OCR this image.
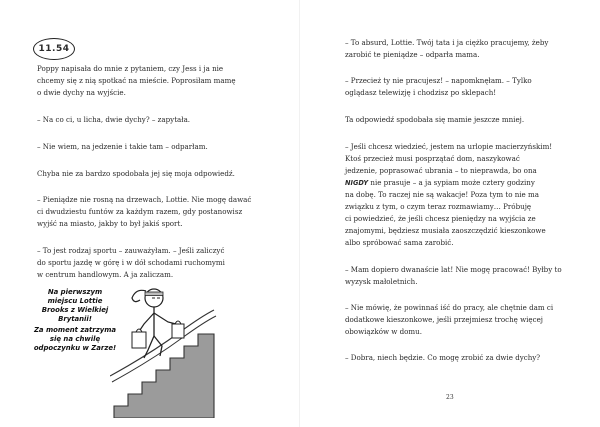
11.54
Poppy napisała do mnie z pytaniem, czy Jess i ja nie
chcemy się z nią spotkać na mieście. Poprosiłam mamę
o dwie dychy na wyjście.
– Na co ci, u licha, dwie dychy? – zapytała.
– Nie wiem, na jedzenie i takie tam – odparłam.
Chyba nie za bardzo spodobała jej się moja odpowiedź.
– Pieniądze nie rosną na drzewach, Lottie. Nie mogę dawać
ci dwudziestu funtów za każdym razem, gdy postanowisz
wyjść na miasto, jakby to był jakiś sport.
– To jest rodzaj sportu – zauważyłam. – Jeśli zaliczyć
do sportu jazdę w górę i w dół schodami ruchomymi
w centrum handlowym. A ja zaliczam.
Na pierwszym
miejscu Lottie
Brooks z Wielkiej
Brytanii!
Za moment zatrzyma
się na chwilę
odpoczynku w Zarze!
– To absurd, Lottie. Twój tata i ja ciężko pracujemy, żeby
zarobić te pieniądze – odparła mama.
– Przecież ty nie pracujesz! – napomknęłam. – Tylko
oglądasz telewizję i chodzisz po sklepach!
Ta odpowiedź spodobała się mamie jeszcze mniej.
– Jeśli chcesz wiedzieć, jestem na urlopie macierzyńskim!
Ktoś przecież musi posprzątać dom, naszykować
jedzenie, poprasować ubrania – to nieprawda, bo ona
NIGDY nie prasuje – a ja sypiam może cztery godziny
na dobę. To raczej nie są wakacje! Poza tym to nie ma
związku z tym, o czym teraz rozmawiamy… Próbuję
ci powiedzieć, że jeśli chcesz pieniędzy na wyjścia ze
znajomymi, będziesz musiała zaoszczędzić kieszonkowe
albo spróbować sama zarobić.
– Mam dopiero dwanaście lat! Nie mogę pracować! Byłby to
wyzysk małoletnich.
– Nie mówię, że powinnaś iść do pracy, ale chętnie dam ci
dodatkowe kieszonkowe, jeśli przejmiesz trochę więcej
obowiązków w domu.
– Dobra, niech będzie. Co mogę zrobić za dwie dychy?
23
